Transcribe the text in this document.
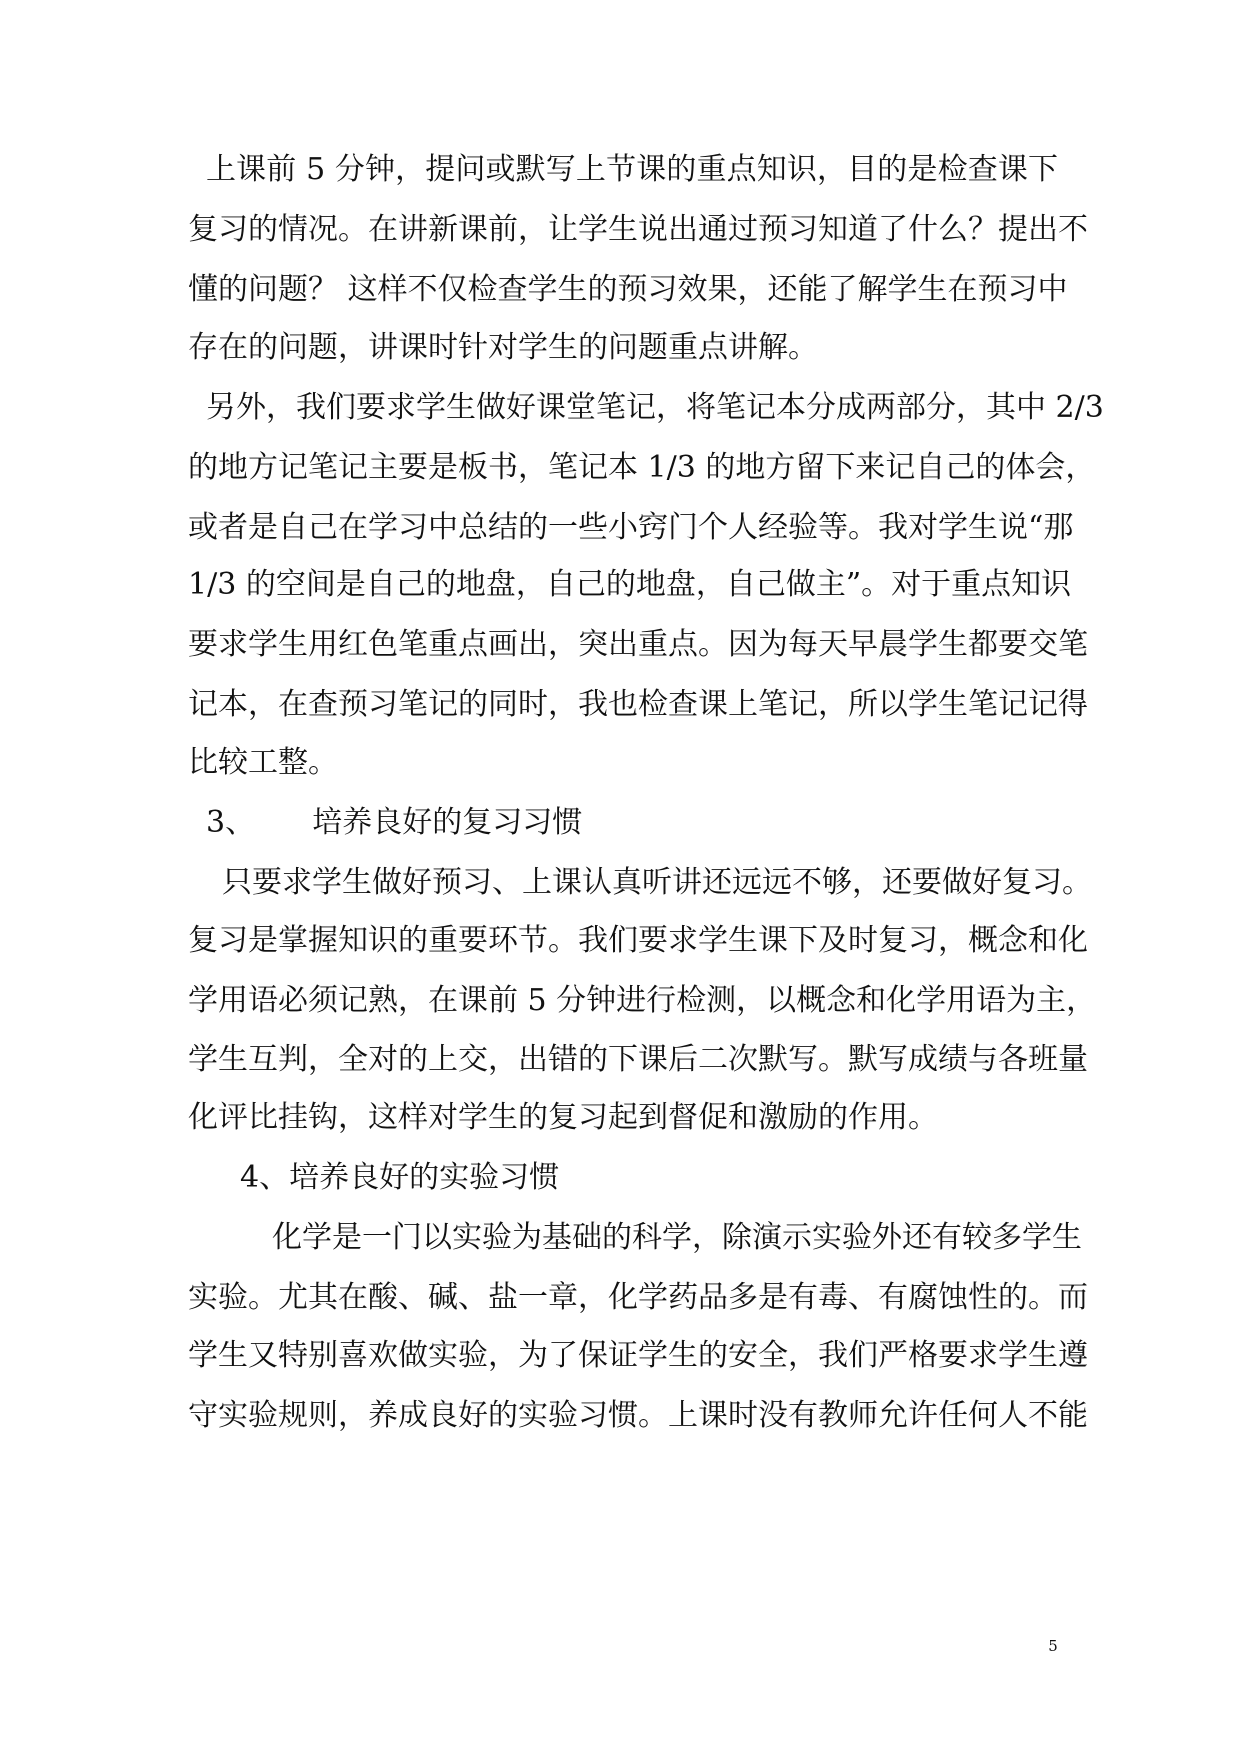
上课前 5 分钟，提问或默写上节课的重点知识，目的是检查课下
复习的情况。在讲新课前，让学生说出通过预习知道了什么？提出不
懂的问题？ 这样不仅检查学生的预习效果，还能了解学生在预习中
存在的问题，讲课时针对学生的问题重点讲解。
另外，我们要求学生做好课堂笔记，将笔记本分成两部分，其中 2/3
的地方记笔记主要是板书，笔记本 1/3 的地方留下来记自己的体会，
或者是自己在学习中总结的一些小窍门个人经验等。我对学生说“那
1/3 的空间是自己的地盘，自己的地盘，自己做主”。对于重点知识
要求学生用红色笔重点画出，突出重点。因为每天早晨学生都要交笔
记本，在查预习笔记的同时，我也检查课上笔记，所以学生笔记记得
比较工整。
3、      培养良好的复习习惯
只要求学生做好预习、上课认真听讲还远远不够，还要做好复习。
复习是掌握知识的重要环节。我们要求学生课下及时复习，概念和化
学用语必须记熟，在课前 5 分钟进行检测，以概念和化学用语为主，
学生互判，全对的上交，出错的下课后二次默写。默写成绩与各班量
化评比挂钩，这样对学生的复习起到督促和激励的作用。
4、培养良好的实验习惯
化学是一门以实验为基础的科学，除演示实验外还有较多学生
实验。尤其在酸、碱、盐一章，化学药品多是有毒、有腐蚀性的。而
学生又特别喜欢做实验，为了保证学生的安全，我们严格要求学生遵
守实验规则，养成良好的实验习惯。上课时没有教师允许任何人不能
5
